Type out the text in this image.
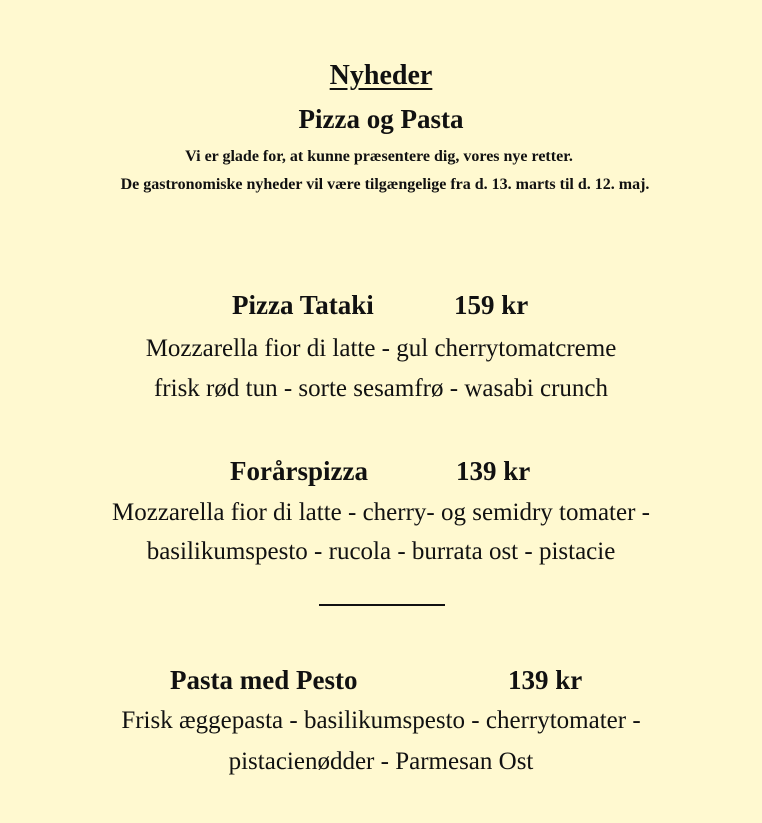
Nyheder
Pizza og Pasta
Vi er glade for, at kunne præsentere dig, vores nye retter.
De gastronomiske nyheder vil være tilgængelige fra d. 13. marts til d. 12. maj.
Pizza Tataki	159 kr
Mozzarella fior di latte - gul cherrytomatcreme
frisk rød tun - sorte sesamfrø - wasabi crunch
Forårspizza	139 kr
Mozzarella fior di latte - cherry- og semidry tomater -
basilikumspesto - rucola - burrata ost - pistacie
Pasta med Pesto	139 kr
Frisk æggepasta - basilikumspesto - cherrytomater -
pistacienødder - Parmesan Ost
